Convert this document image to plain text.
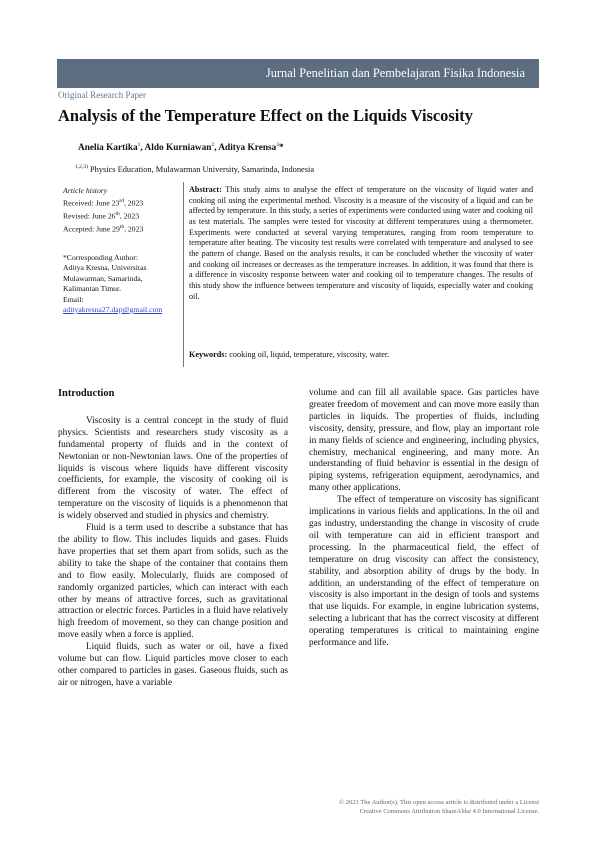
Jurnal Penelitian dan Pembelajaran Fisika Indonesia
Original Research Paper
Analysis of the Temperature Effect on the Liquids Viscosity
Anelia Kartika$^1$, Aldo Kurniawan$^2$, Aditya Krensa$^3$*
$^{1,2,3)}$ Physics Education, Mulawarman University, Samarinda, Indonesia
Article history
Received: June 23rd, 2023
Revised: June 26th, 2023
Accepted: June 29th, 2023
*Corresponding Author:
Aditya Kresna, Universitas
Mulawarman, Samarinda,
Kalimantan Timur.
Email:
adityakresna27.dap@gmail.com
Abstract: This study aims to analyse the effect of temperature on the viscosity of liquid water and cooking oil using the experimental method. Viscosity is a measure of the viscosity of a liquid and can be affected by temperature. In this study, a series of experiments were conducted using water and cooking oil as test materials. The samples were tested for viscosity at different temperatures using a thermometer. Experiments were conducted at several varying temperatures, ranging from room temperature to temperature after heating. The viscosity test results were correlated with temperature and analysed to see the pattern of change. Based on the analysis results, it can be concluded whether the viscosity of water and cooking oil increases or decreases as the temperature increases. In addition, it was found that there is a difference in viscosity response between water and cooking oil to temperature changes. The results of this study show the influence between temperature and viscosity of liquids, especially water and cooking oil.
Keywords: cooking oil, liquid, temperature, viscosity, water.
Introduction

Viscosity is a central concept in the study of fluid physics. Scientists and researchers study viscosity as a fundamental property of fluids and in the context of Newtonian or non-Newtonian laws. One of the properties of liquids is viscous where liquids have different viscosity coefficients, for example, the viscosity of cooking oil is different from the viscosity of water. The effect of temperature on the viscosity of liquids is a phenomenon that is widely observed and studied in physics and chemistry.

Fluid is a term used to describe a substance that has the ability to flow. This includes liquids and gases. Fluids have properties that set them apart from solids, such as the ability to take the shape of the container that contains them and to flow easily. Molecularly, fluids are composed of randomly organized particles, which can interact with each other by means of attractive forces, such as gravitational attraction or electric forces. Particles in a fluid have relatively high freedom of movement, so they can change position and move easily when a force is applied.

Liquid fluids, such as water or oil, have a fixed volume but can flow. Liquid particles move closer to each other compared to particles in gases. Gaseous fluids, such as air or nitrogen, have a variable

volume and can fill all available space. Gas particles have greater freedom of movement and can move more easily than particles in liquids. The properties of fluids, including viscosity, density, pressure, and flow, play an important role in many fields of science and engineering, including physics, chemistry, mechanical engineering, and many more. An understanding of fluid behavior is essential in the design of piping systems, refrigeration equipment, aerodynamics, and many other applications.

The effect of temperature on viscosity has significant implications in various fields and applications. In the oil and gas industry, understanding the change in viscosity of crude oil with temperature can aid in efficient transport and processing. In the pharmaceutical field, the effect of temperature on drug viscosity can affect the consistency, stability, and absorption ability of drugs by the body. In addition, an understanding of the effect of temperature on viscosity is also important in the design of tools and systems that use liquids. For example, in engine lubrication systems, selecting a lubricant that has the correct viscosity at different operating temperatures is critical to maintaining engine performance and life.

© 2023 The Author(s). This open access article is distributed under a Licensi
Creative Commons Attribution ShareAlike 4.0 International License.
